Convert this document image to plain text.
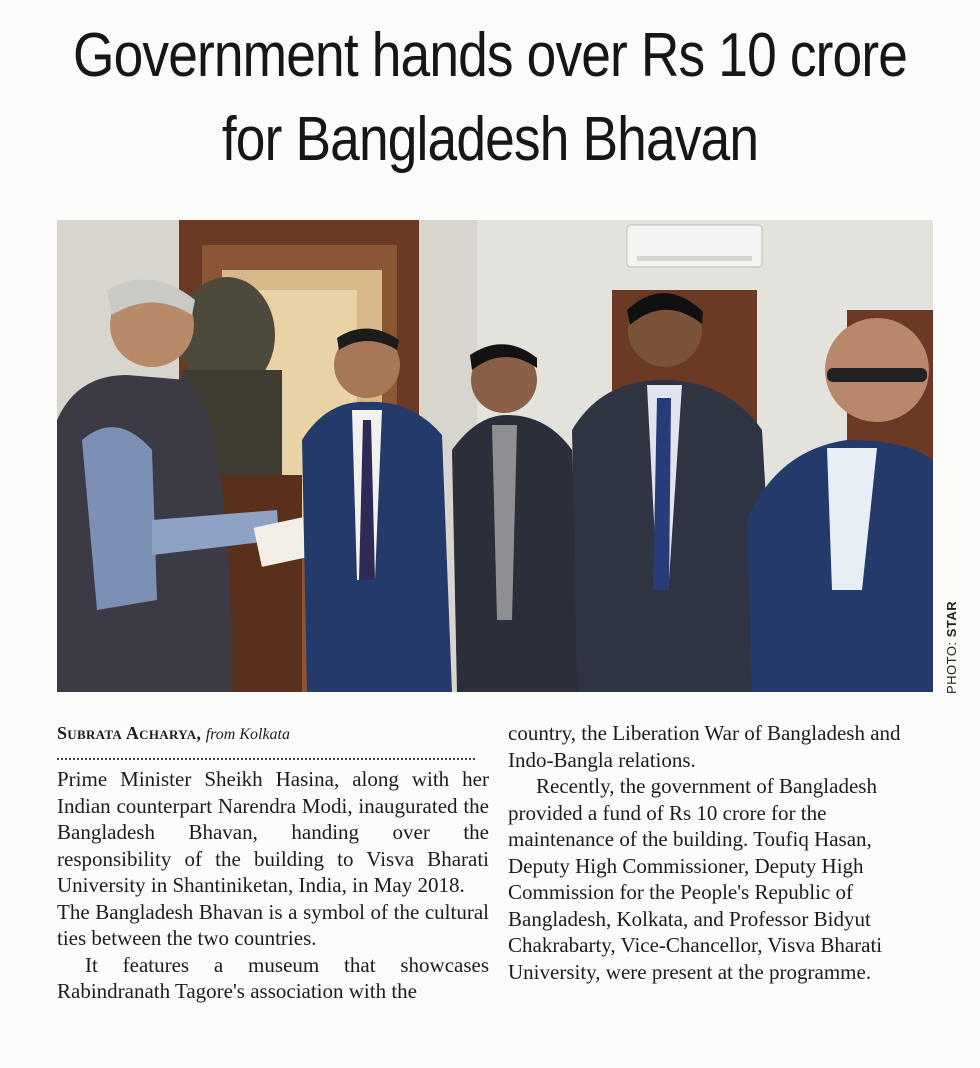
Government hands over Rs 10 crore
for Bangladesh Bhavan
PHOTO: STAR
Subrata Acharya, from Kolkata

Prime Minister Sheikh Hasina, along with her Indian counterpart Narendra Modi, inaugurated the Bangladesh Bhavan, handing over the responsibility of the building to Visva Bharati University in Shantiniketan, India, in May 2018.

The Bangladesh Bhavan is a symbol of the cultural ties between the two countries.

It features a museum that showcases Rabindranath Tagore's association with the

country, the Liberation War of Bangladesh and Indo-Bangla relations.

Recently, the government of Bangladesh provided a fund of Rs 10 crore for the maintenance of the building. Toufiq Hasan, Deputy High Commissioner, Deputy High Commission for the People's Republic of Bangladesh, Kolkata, and Professor Bidyut Chakrabarty, Vice-Chancellor, Visva Bharati University, were present at the programme.
